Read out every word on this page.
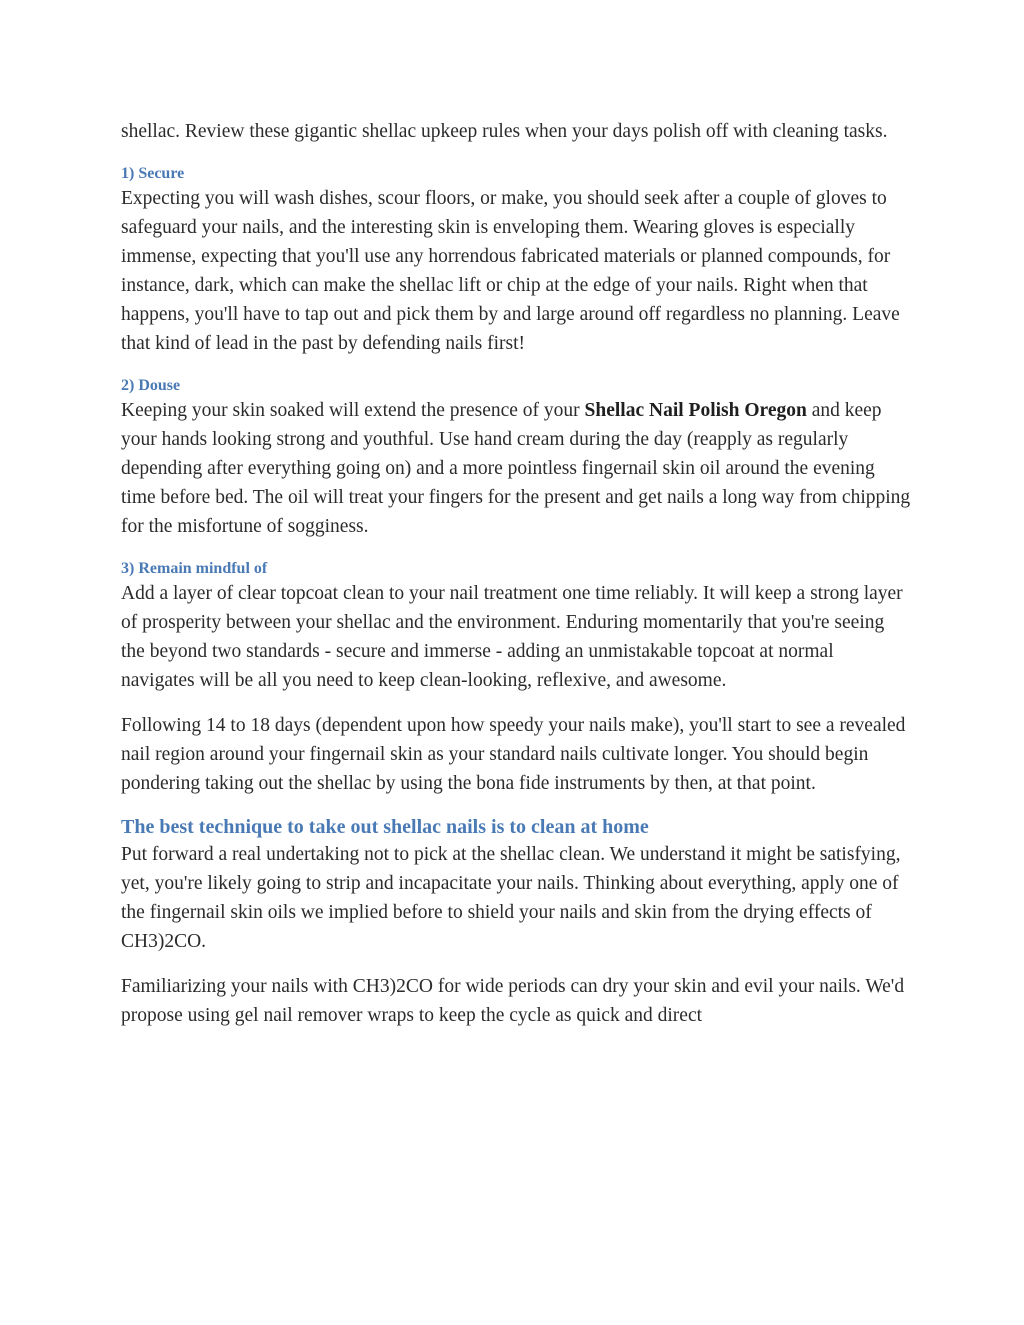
shellac. Review these gigantic shellac upkeep rules when your days polish off with cleaning tasks.

1) Secure

Expecting you will wash dishes, scour floors, or make, you should seek after a couple of gloves to safeguard your nails, and the interesting skin is enveloping them. Wearing gloves is especially immense, expecting that you'll use any horrendous fabricated materials or planned compounds, for instance, dark, which can make the shellac lift or chip at the edge of your nails. Right when that happens, you'll have to tap out and pick them by and large around off regardless no planning. Leave that kind of lead in the past by defending nails first!

2) Douse

Keeping your skin soaked will extend the presence of your Shellac Nail Polish Oregon and keep your hands looking strong and youthful. Use hand cream during the day (reapply as regularly depending after everything going on) and a more pointless fingernail skin oil around the evening time before bed. The oil will treat your fingers for the present and get nails a long way from chipping for the misfortune of sogginess.

3) Remain mindful of

Add a layer of clear topcoat clean to your nail treatment one time reliably. It will keep a strong layer of prosperity between your shellac and the environment. Enduring momentarily that you're seeing the beyond two standards - secure and immerse - adding an unmistakable topcoat at normal navigates will be all you need to keep clean-looking, reflexive, and awesome.

Following 14 to 18 days (dependent upon how speedy your nails make), you'll start to see a revealed nail region around your fingernail skin as your standard nails cultivate longer. You should begin pondering taking out the shellac by using the bona fide instruments by then, at that point.

The best technique to take out shellac nails is to clean at home

Put forward a real undertaking not to pick at the shellac clean. We understand it might be satisfying, yet, you're likely going to strip and incapacitate your nails. Thinking about everything, apply one of the fingernail skin oils we implied before to shield your nails and skin from the drying effects of CH3)2CO.

Familiarizing your nails with CH3)2CO for wide periods can dry your skin and evil your nails. We'd propose using gel nail remover wraps to keep the cycle as quick and direct
